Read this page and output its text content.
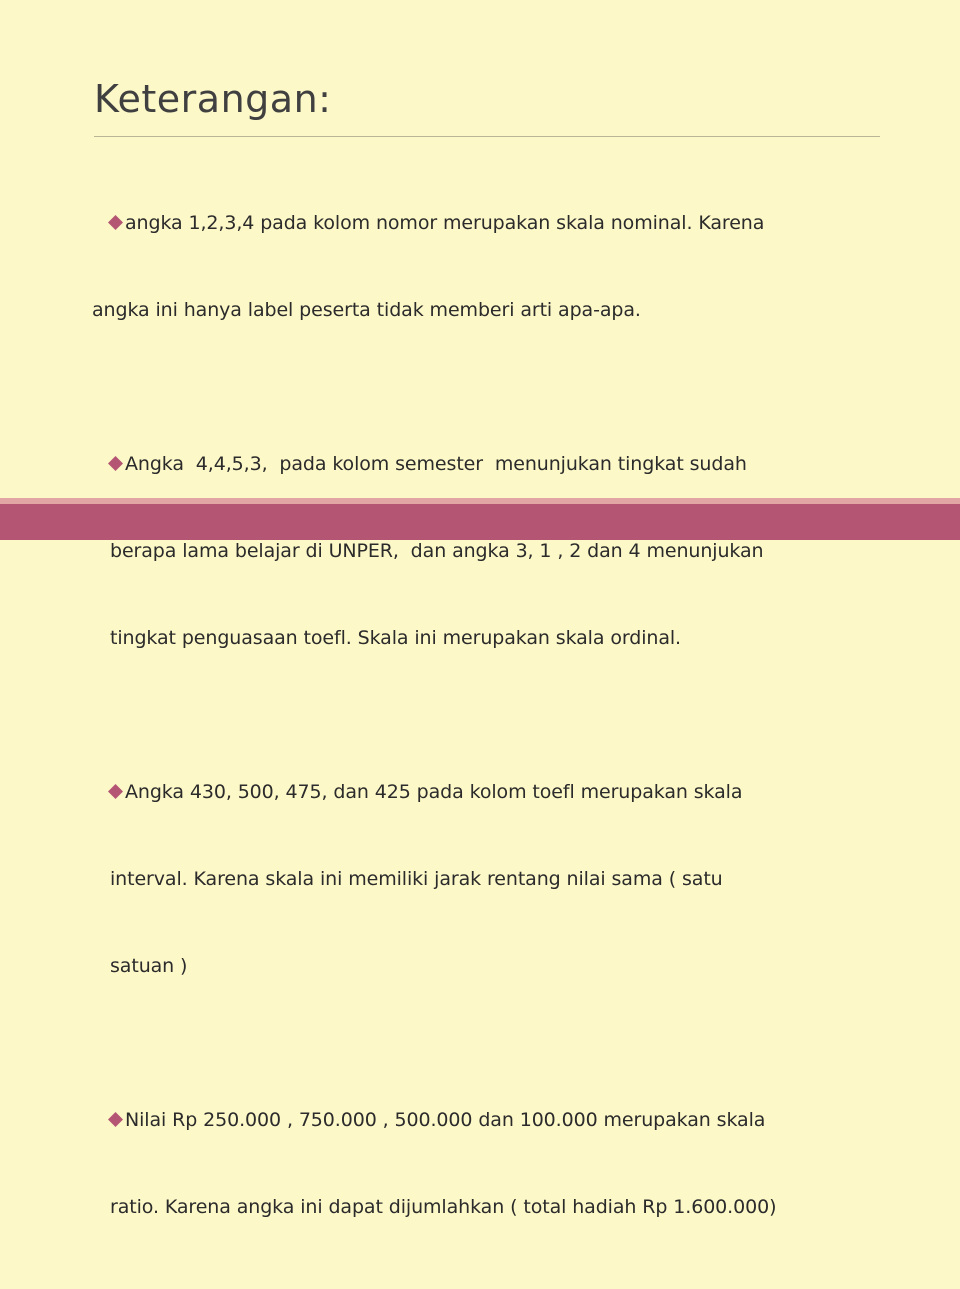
Keterangan:

angka 1,2,3,4 pada kolom nomor merupakan skala nominal. Karena

angka ini hanya label peserta tidak memberi arti apa-apa.

Angka  4,4,5,3,  pada kolom semester  menunjukan tingkat sudah

berapa lama belajar di UNPER,  dan angka 3, 1 , 2 dan 4 menunjukan

tingkat penguasaan toefl. Skala ini merupakan skala ordinal.

Angka 430, 500, 475, dan 425 pada kolom toefl merupakan skala

interval. Karena skala ini memiliki jarak rentang nilai sama ( satu

satuan )

Nilai Rp 250.000 , 750.000 , 500.000 dan 100.000 merupakan skala

ratio. Karena angka ini dapat dijumlahkan ( total hadiah Rp 1.600.000)
